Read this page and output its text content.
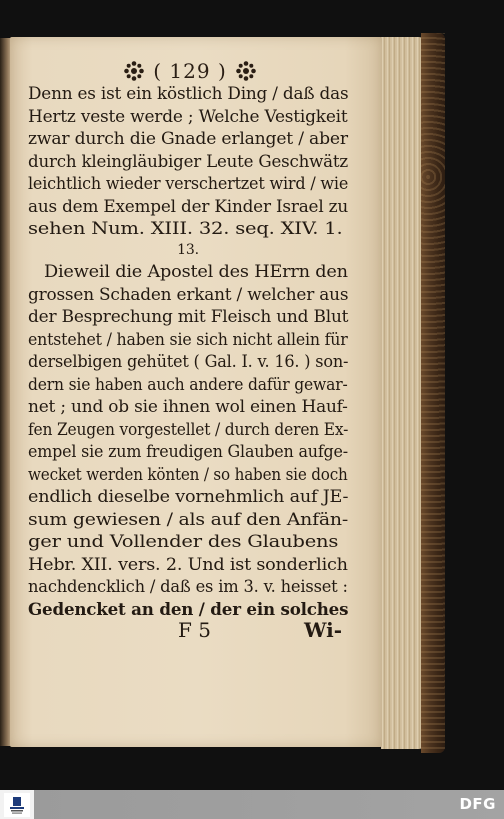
( 129 )
Denn es ist ein köstlich Ding / daß das
Hertz veste werde ; Welche Vestigkeit
zwar durch die Gnade erlanget / aber
durch kleingläubiger Leute Geschwätz
leichtlich wieder verschertzet wird / wie
aus dem Exempel der Kinder Israel zu
sehen Num. XIII. 32. seq. XIV. 1.
13.
Dieweil die Apostel des HErrn den
grossen Schaden erkant / welcher aus
der Besprechung mit Fleisch und Blut
entstehet / haben sie sich nicht allein für
derselbigen gehütet ( Gal. I. v. 16. ) son-
dern sie haben auch andere dafür gewar-
net ; und ob sie ihnen wol einen Hauf-
fen Zeugen vorgestellet / durch deren Ex-
empel sie zum freudigen Glauben aufge-
wecket werden könten / so haben sie doch
endlich dieselbe vornehmlich auf JE-
sum gewiesen / als auf den Anfän-
ger und Vollender des Glaubens
Hebr. XII. vers. 2. Und ist sonderlich
nachdencklich / daß es im 3. v. heisset :
Gedencket an den / der ein solches
F 5	Wi-
DFG
